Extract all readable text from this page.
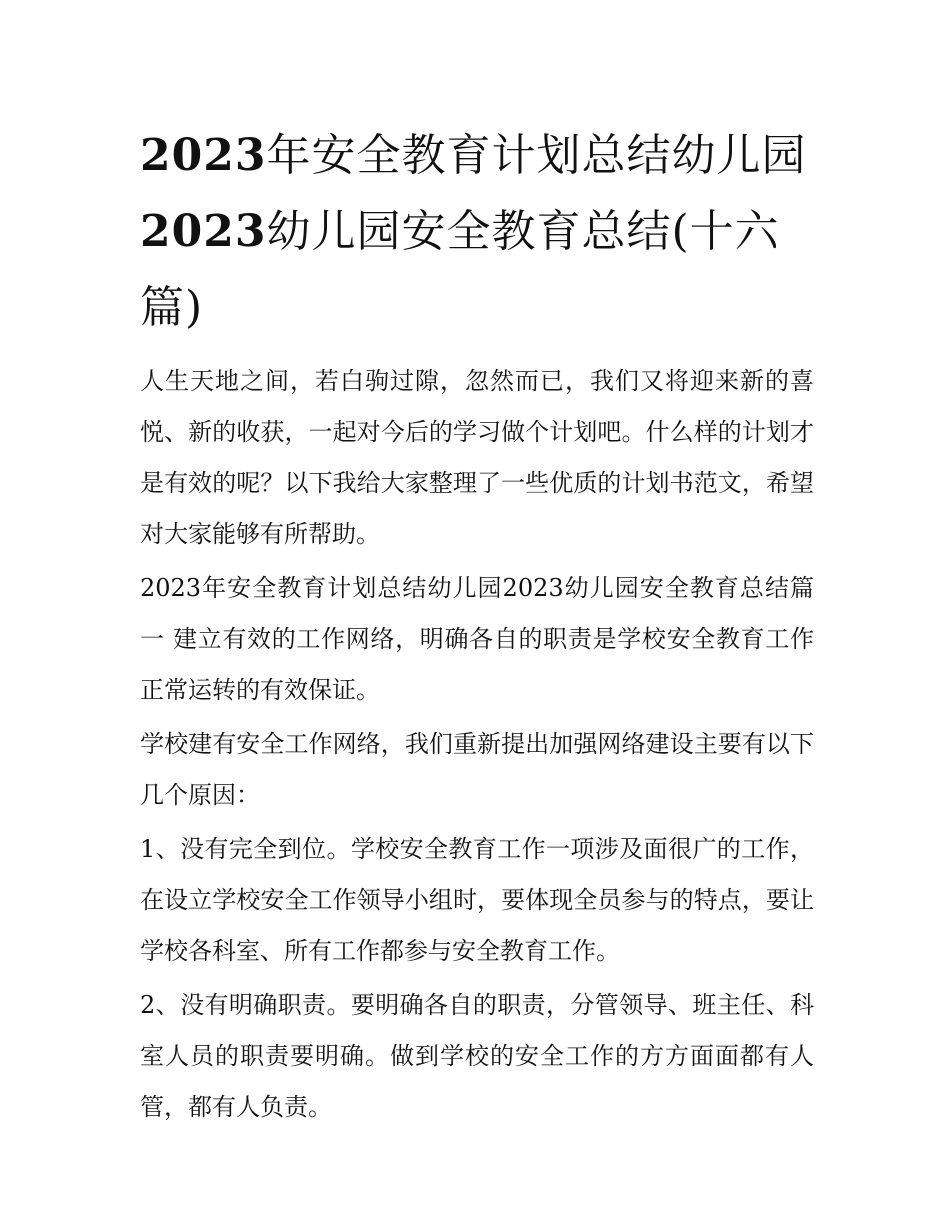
2023年安全教育计划总结幼儿园2023幼儿园安全教育总结(十六篇)

人生天地之间，若白驹过隙，忽然而已，我们又将迎来新的喜悦、新的收获，一起对今后的学习做个计划吧。什么样的计划才是有效的呢？以下我给大家整理了一些优质的计划书范文，希望对大家能够有所帮助。

2023年安全教育计划总结幼儿园2023幼儿园安全教育总结篇一 建立有效的工作网络，明确各自的职责是学校安全教育工作正常运转的有效保证。

学校建有安全工作网络，我们重新提出加强网络建设主要有以下几个原因：

1、没有完全到位。学校安全教育工作一项涉及面很广的工作，在设立学校安全工作领导小组时，要体现全员参与的特点，要让学校各科室、所有工作都参与安全教育工作。

2、没有明确职责。要明确各自的职责，分管领导、班主任、科室人员的职责要明确。做到学校的安全工作的方方面面都有人管，都有人负责。
